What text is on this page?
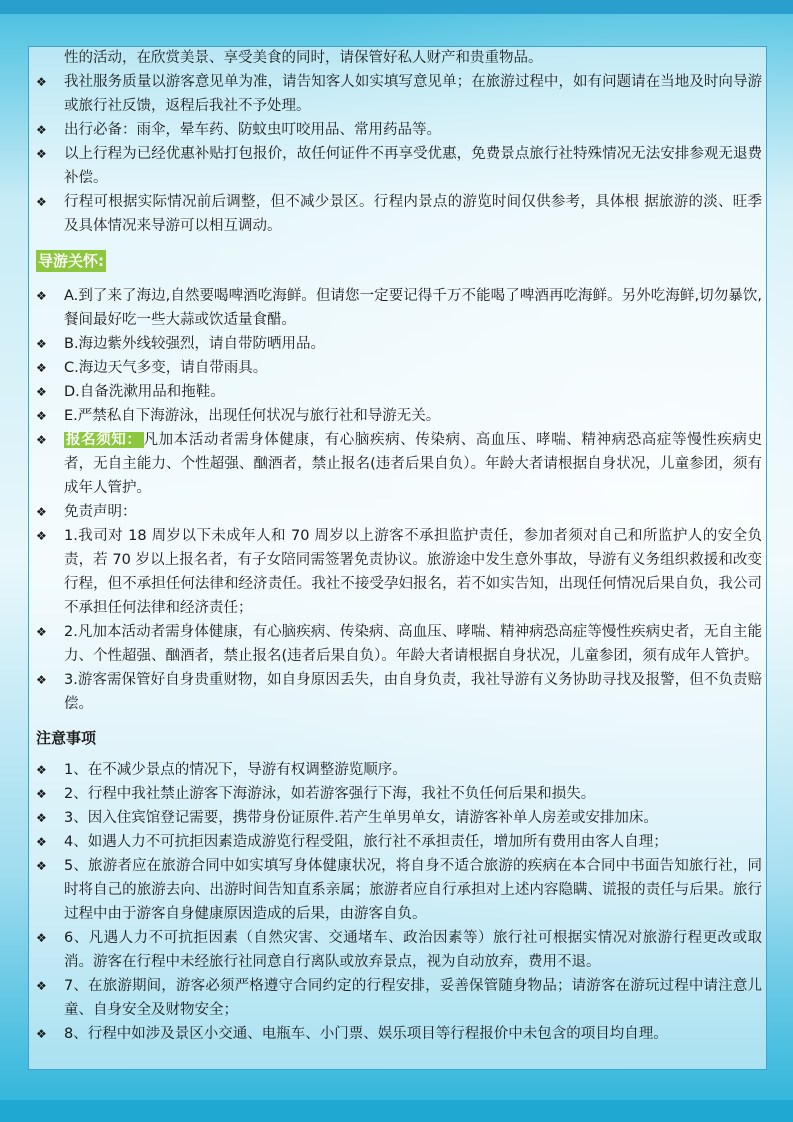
性的活动，在欣赏美景、享受美食的同时，请保管好私人财产和贵重物品。
❖	我社服务质量以游客意见单为准，请告知客人如实填写意见单；在旅游过程中，如有问题请在当地及时向导游或旅行社反馈，返程后我社不予处理。
❖	出行必备：雨伞，晕车药、防蚊虫叮咬用品、常用药品等。
❖	以上行程为已经优惠补贴打包报价，故任何证件不再享受优惠，免费景点旅行社特殊情况无法安排参观无退费补偿。
❖	行程可根据实际情况前后调整，但不减少景区。行程内景点的游览时间仅供参考，具体根 据旅游的淡、旺季及具体情况来导游可以相互调动。
导游关怀:
❖	A.到了来了海边,自然要喝啤酒吃海鲜。但请您一定要记得千万不能喝了啤酒再吃海鲜。另外吃海鲜,切勿暴饮,餐间最好吃一些大蒜或饮适量食醋。
❖	B.海边紫外线较强烈，请自带防晒用品。
❖	C.海边天气多变，请自带雨具。
❖	D.自备洗漱用品和拖鞋。
❖	E.严禁私自下海游泳，出现任何状况与旅行社和导游无关。
❖	报名须知： 凡加本活动者需身体健康，有心脑疾病、传染病、高血压、哮喘、精神病恐高症等慢性疾病史者，无自主能力、个性超强、酗酒者，禁止报名(违者后果自负）。年龄大者请根据自身状况，儿童参团，须有成年人管护。
❖	免责声明：
❖	1.我司对 18 周岁以下未成年人和 70 周岁以上游客不承担监护责任，参加者须对自己和所监护人的安全负责，若 70 岁以上报名者，有子女陪同需签署免责协议。旅游途中发生意外事故，导游有义务组织救援和改变行程，但不承担任何法律和经济责任。我社不接受孕妇报名，若不如实告知，出现任何情况后果自负，我公司不承担任何法律和经济责任；
❖	2.凡加本活动者需身体健康，有心脑疾病、传染病、高血压、哮喘、精神病恐高症等慢性疾病史者，无自主能力、个性超强、酗酒者，禁止报名(违者后果自负）。年龄大者请根据自身状况，儿童参团，须有成年人管护。
❖	3.游客需保管好自身贵重财物，如自身原因丢失，由自身负责，我社导游有义务协助寻找及报警，但不负责赔偿。
注意事项
❖	1、在不减少景点的情况下，导游有权调整游览顺序。
❖	2、行程中我社禁止游客下海游泳，如若游客强行下海，我社不负任何后果和损失。
❖	3、因入住宾馆登记需要，携带身份证原件.若产生单男单女，请游客补单人房差或安排加床。
❖	4、如遇人力不可抗拒因素造成游览行程受阻，旅行社不承担责任，增加所有费用由客人自理；
❖	5、旅游者应在旅游合同中如实填写身体健康状况，将自身不适合旅游的疾病在本合同中书面告知旅行社，同时将自己的旅游去向、出游时间告知直系亲属；旅游者应自行承担对上述内容隐瞒、谎报的责任与后果。旅行过程中由于游客自身健康原因造成的后果，由游客自负。
❖	6、凡遇人力不可抗拒因素（自然灾害、交通堵车、政治因素等）旅行社可根据实情况对旅游行程更改或取消。游客在行程中未经旅行社同意自行离队或放弃景点，视为自动放弃，费用不退。
❖	7、在旅游期间，游客必须严格遵守合同约定的行程安排，妥善保管随身物品；请游客在游玩过程中请注意儿童、自身安全及财物安全；
❖	8、行程中如涉及景区小交通、电瓶车、小门票、娱乐项目等行程报价中未包含的项目均自理。
